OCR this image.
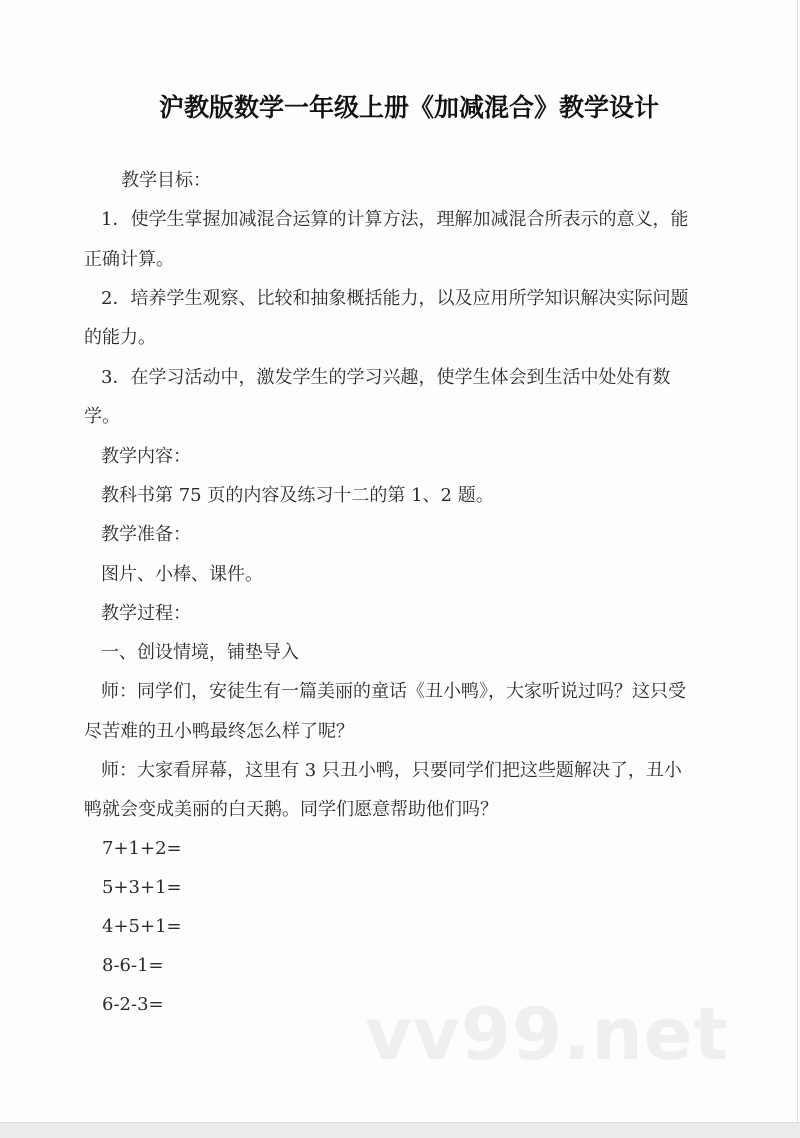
沪教版数学一年级上册《加减混合》教学设计
教学目标：
1．使学生掌握加减混合运算的计算方法，理解加减混合所表示的意义，能
正确计算。
2．培养学生观察、比较和抽象概括能力，以及应用所学知识解决实际问题
的能力。
3．在学习活动中，激发学生的学习兴趣，使学生体会到生活中处处有数
学。
教学内容：
教科书第 75 页的内容及练习十二的第 1、2 题。
教学准备：
图片、小棒、课件。
教学过程：
一、创设情境，铺垫导入
师：同学们，安徒生有一篇美丽的童话《丑小鸭》，大家听说过吗？这只受
尽苦难的丑小鸭最终怎么样了呢？
师：大家看屏幕，这里有 3 只丑小鸭，只要同学们把这些题解决了，丑小
鸭就会变成美丽的白天鹅。同学们愿意帮助他们吗？
7+1+2=
5+3+1=
4+5+1=
8-6-1=
6-2-3=	vv99.net
